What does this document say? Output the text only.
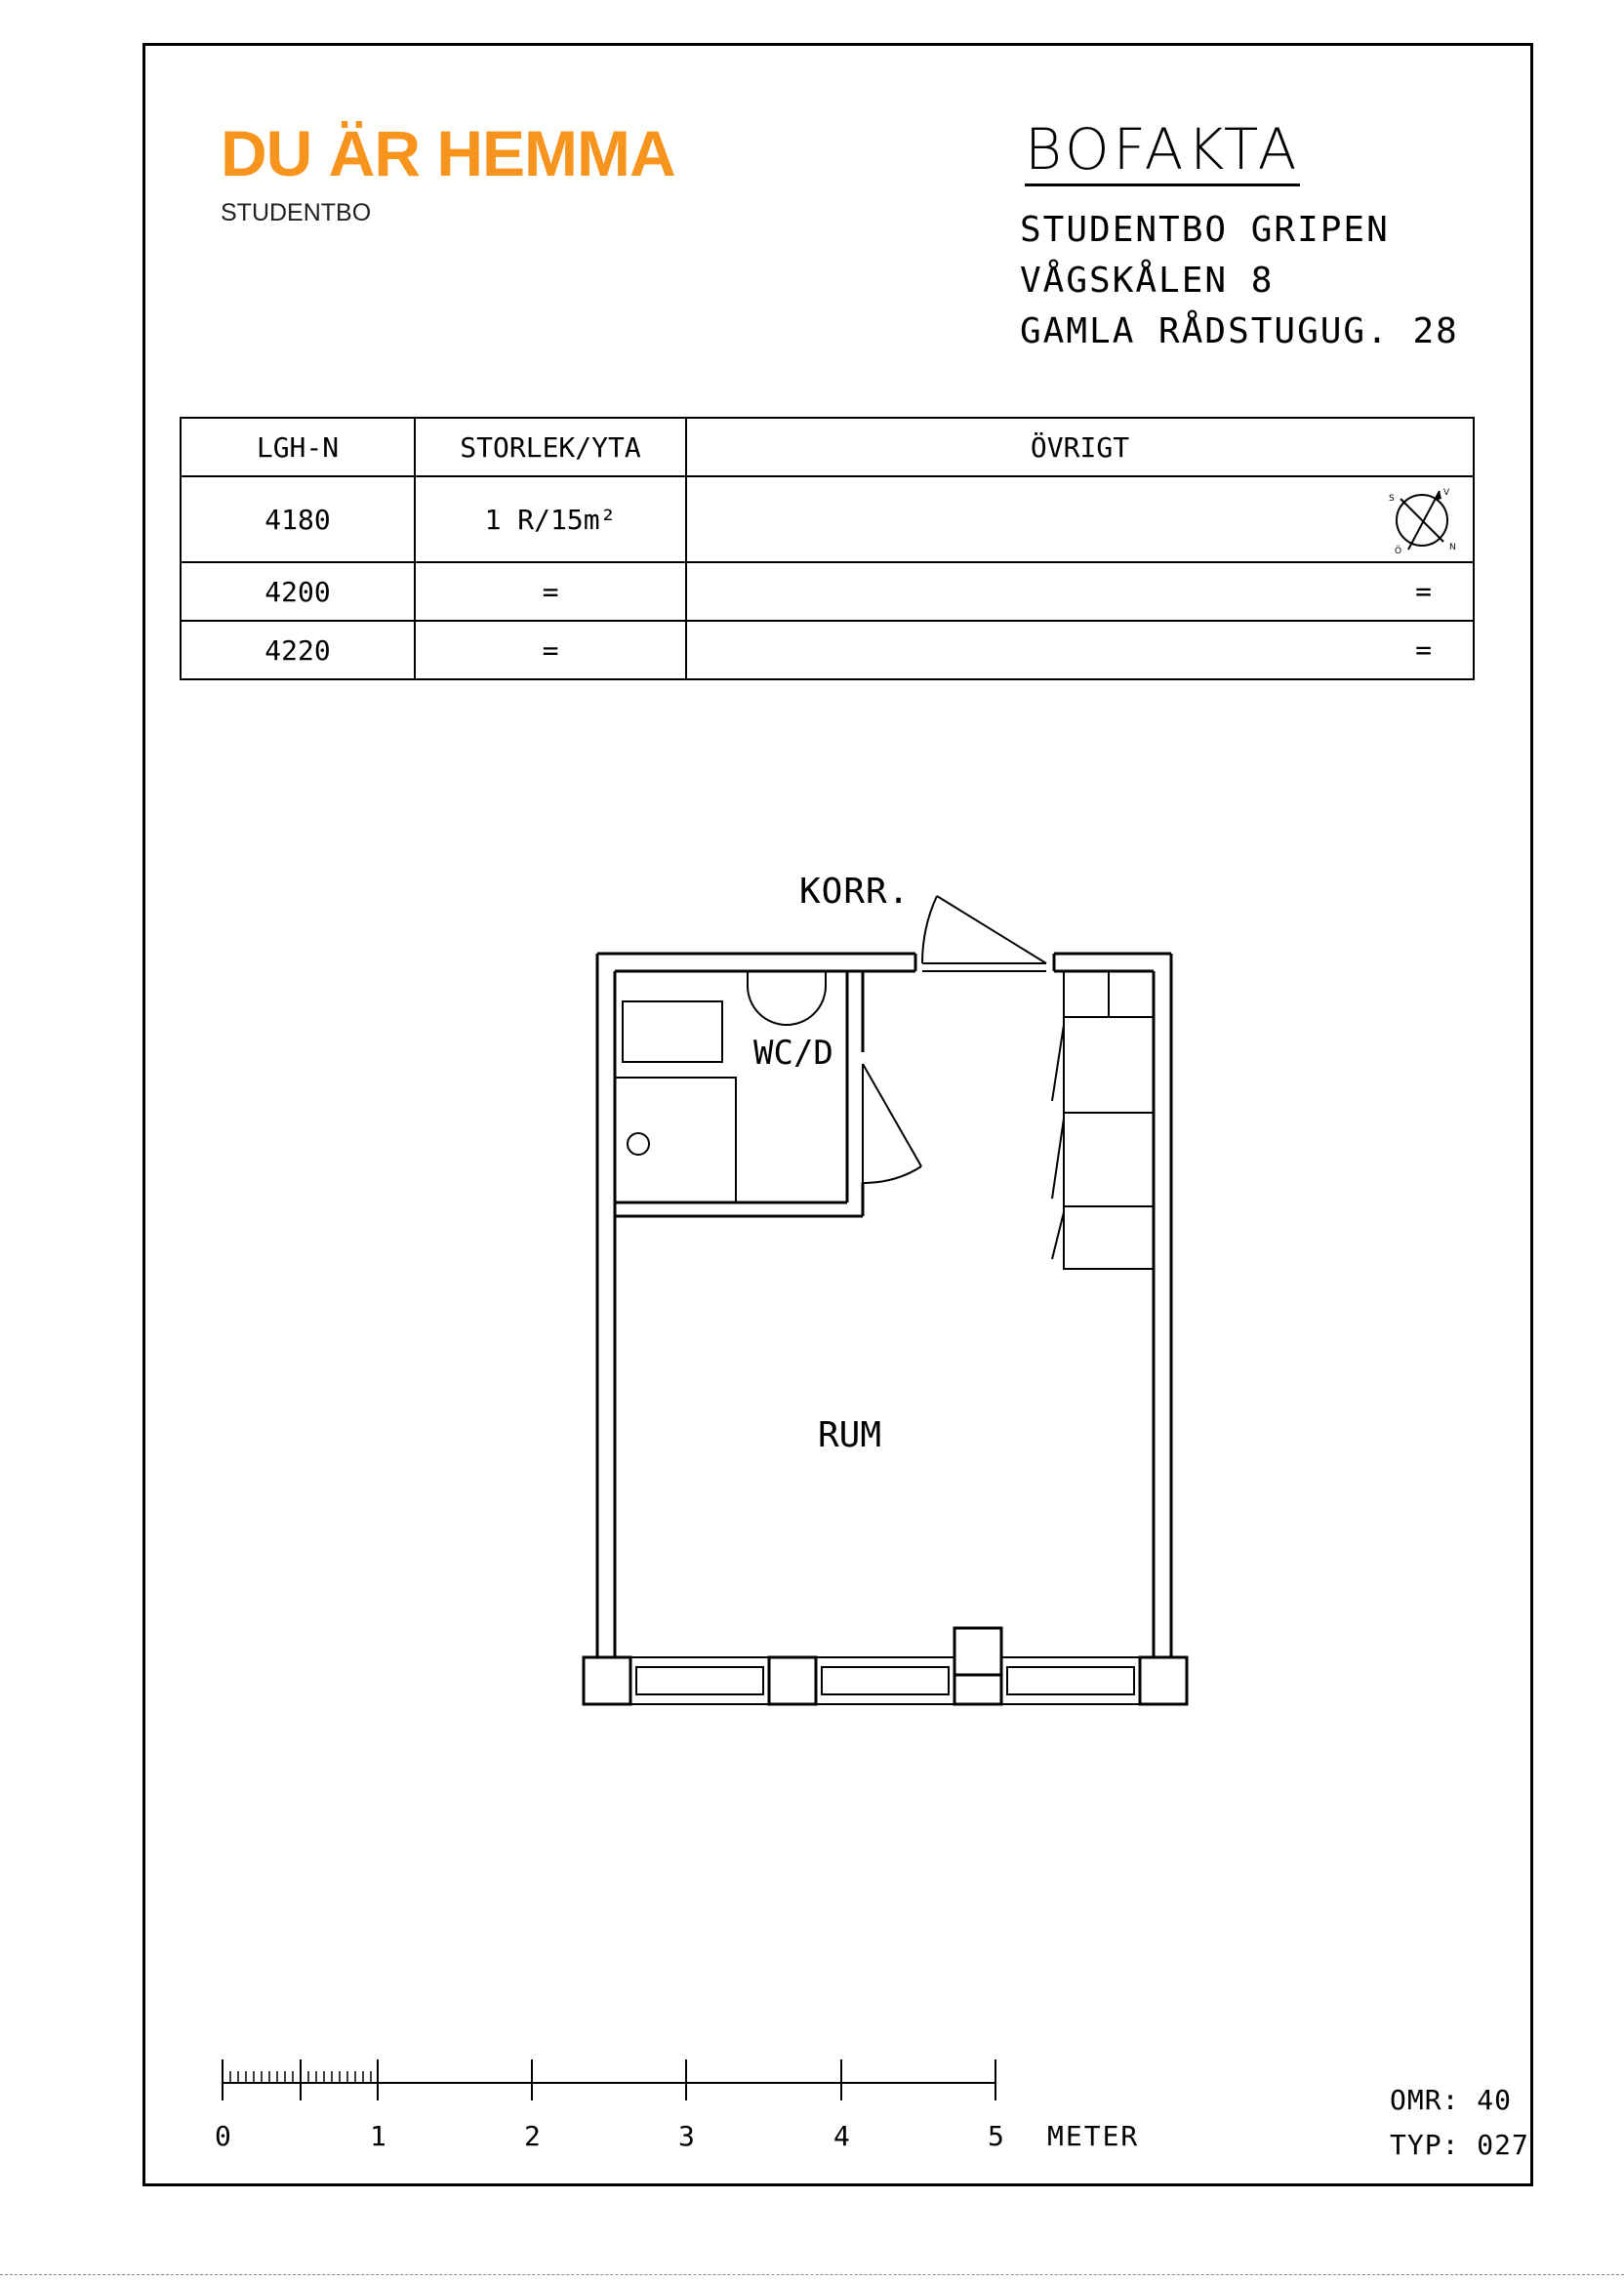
DU ÄR HEMMA
STUDENTBO
BOFAKTA
STUDENTBO GRIPEN
VÅGSKÅLEN 8
GAMLA RÅDSTUGUG. 28
LGH-N	STORLEK/YTA	ÖVRIGT
4180	1 R/15m²	S
V
N
Ö

4200	=	=

4220	=	=
KORR.
WC/D
RUM
0	1	2	3	4	5 METER
OMR: 40
TYP: 027
